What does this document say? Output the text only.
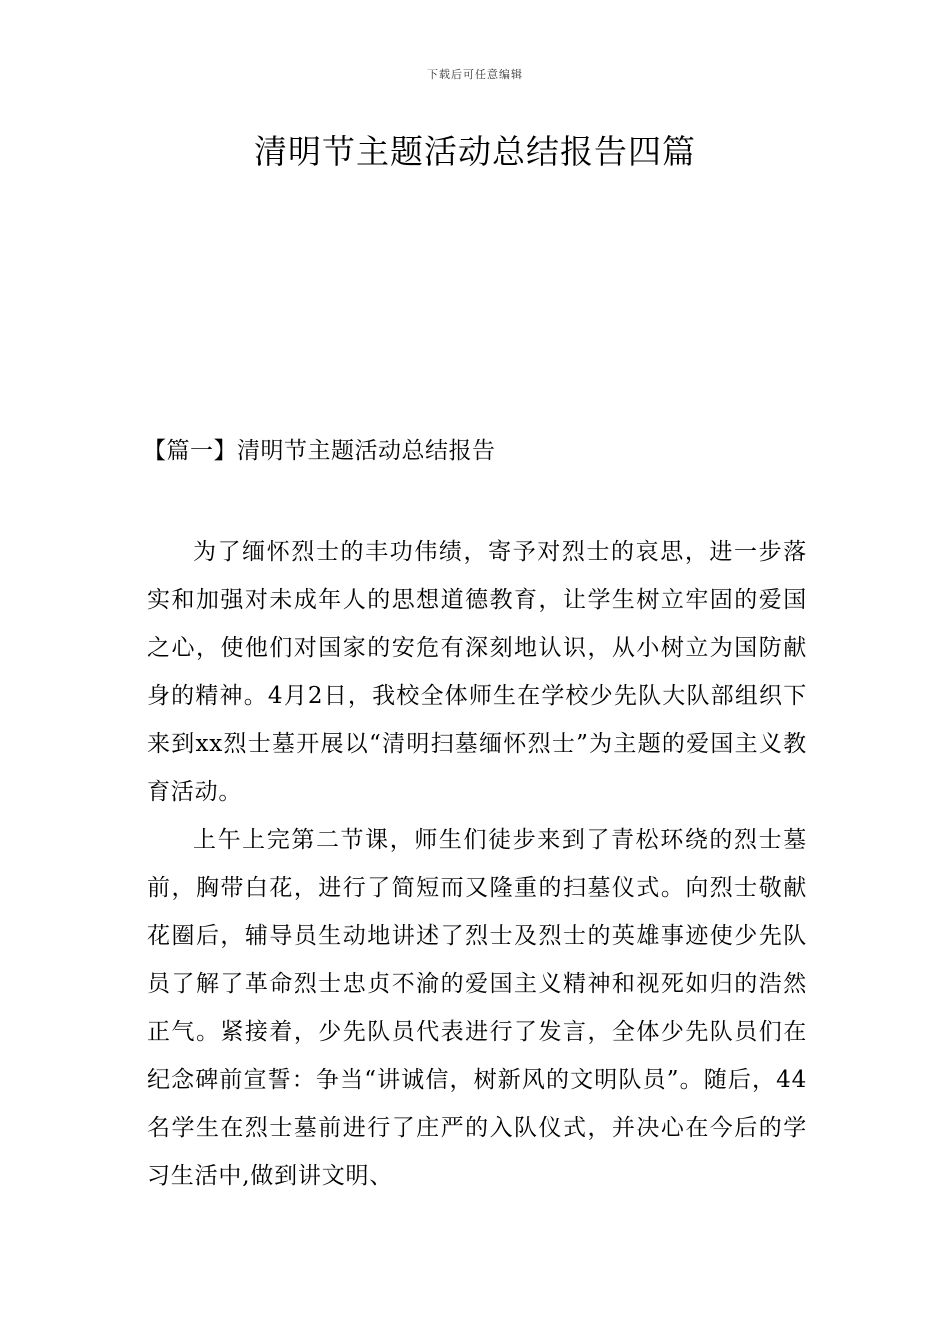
下载后可任意编辑
清明节主题活动总结报告四篇
【篇一】清明节主题活动总结报告

为了缅怀烈士的丰功伟绩，寄予对烈士的哀思，进一步落实和加强对未成年人的思想道德教育，让学生树立牢固的爱国之心，使他们对国家的安危有深刻地认识，从小树立为国防献身的精神。4月2日，我校全体师生在学校少先队大队部组织下来到xx烈士墓开展以“清明扫墓缅怀烈士”为主题的爱国主义教育活动。

上午上完第二节课，师生们徒步来到了青松环绕的烈士墓前，胸带白花，进行了简短而又隆重的扫墓仪式。向烈士敬献花圈后，辅导员生动地讲述了烈士及烈士的英雄事迹使少先队员了解了革命烈士忠贞不渝的爱国主义精神和视死如归的浩然正气。紧接着，少先队员代表进行了发言，全体少先队员们在纪念碑前宣誓：争当“讲诚信，树新风的文明队员”。随后，44名学生在烈士墓前进行了庄严的入队仪式，并决心在今后的学习生活中,做到讲文明、
